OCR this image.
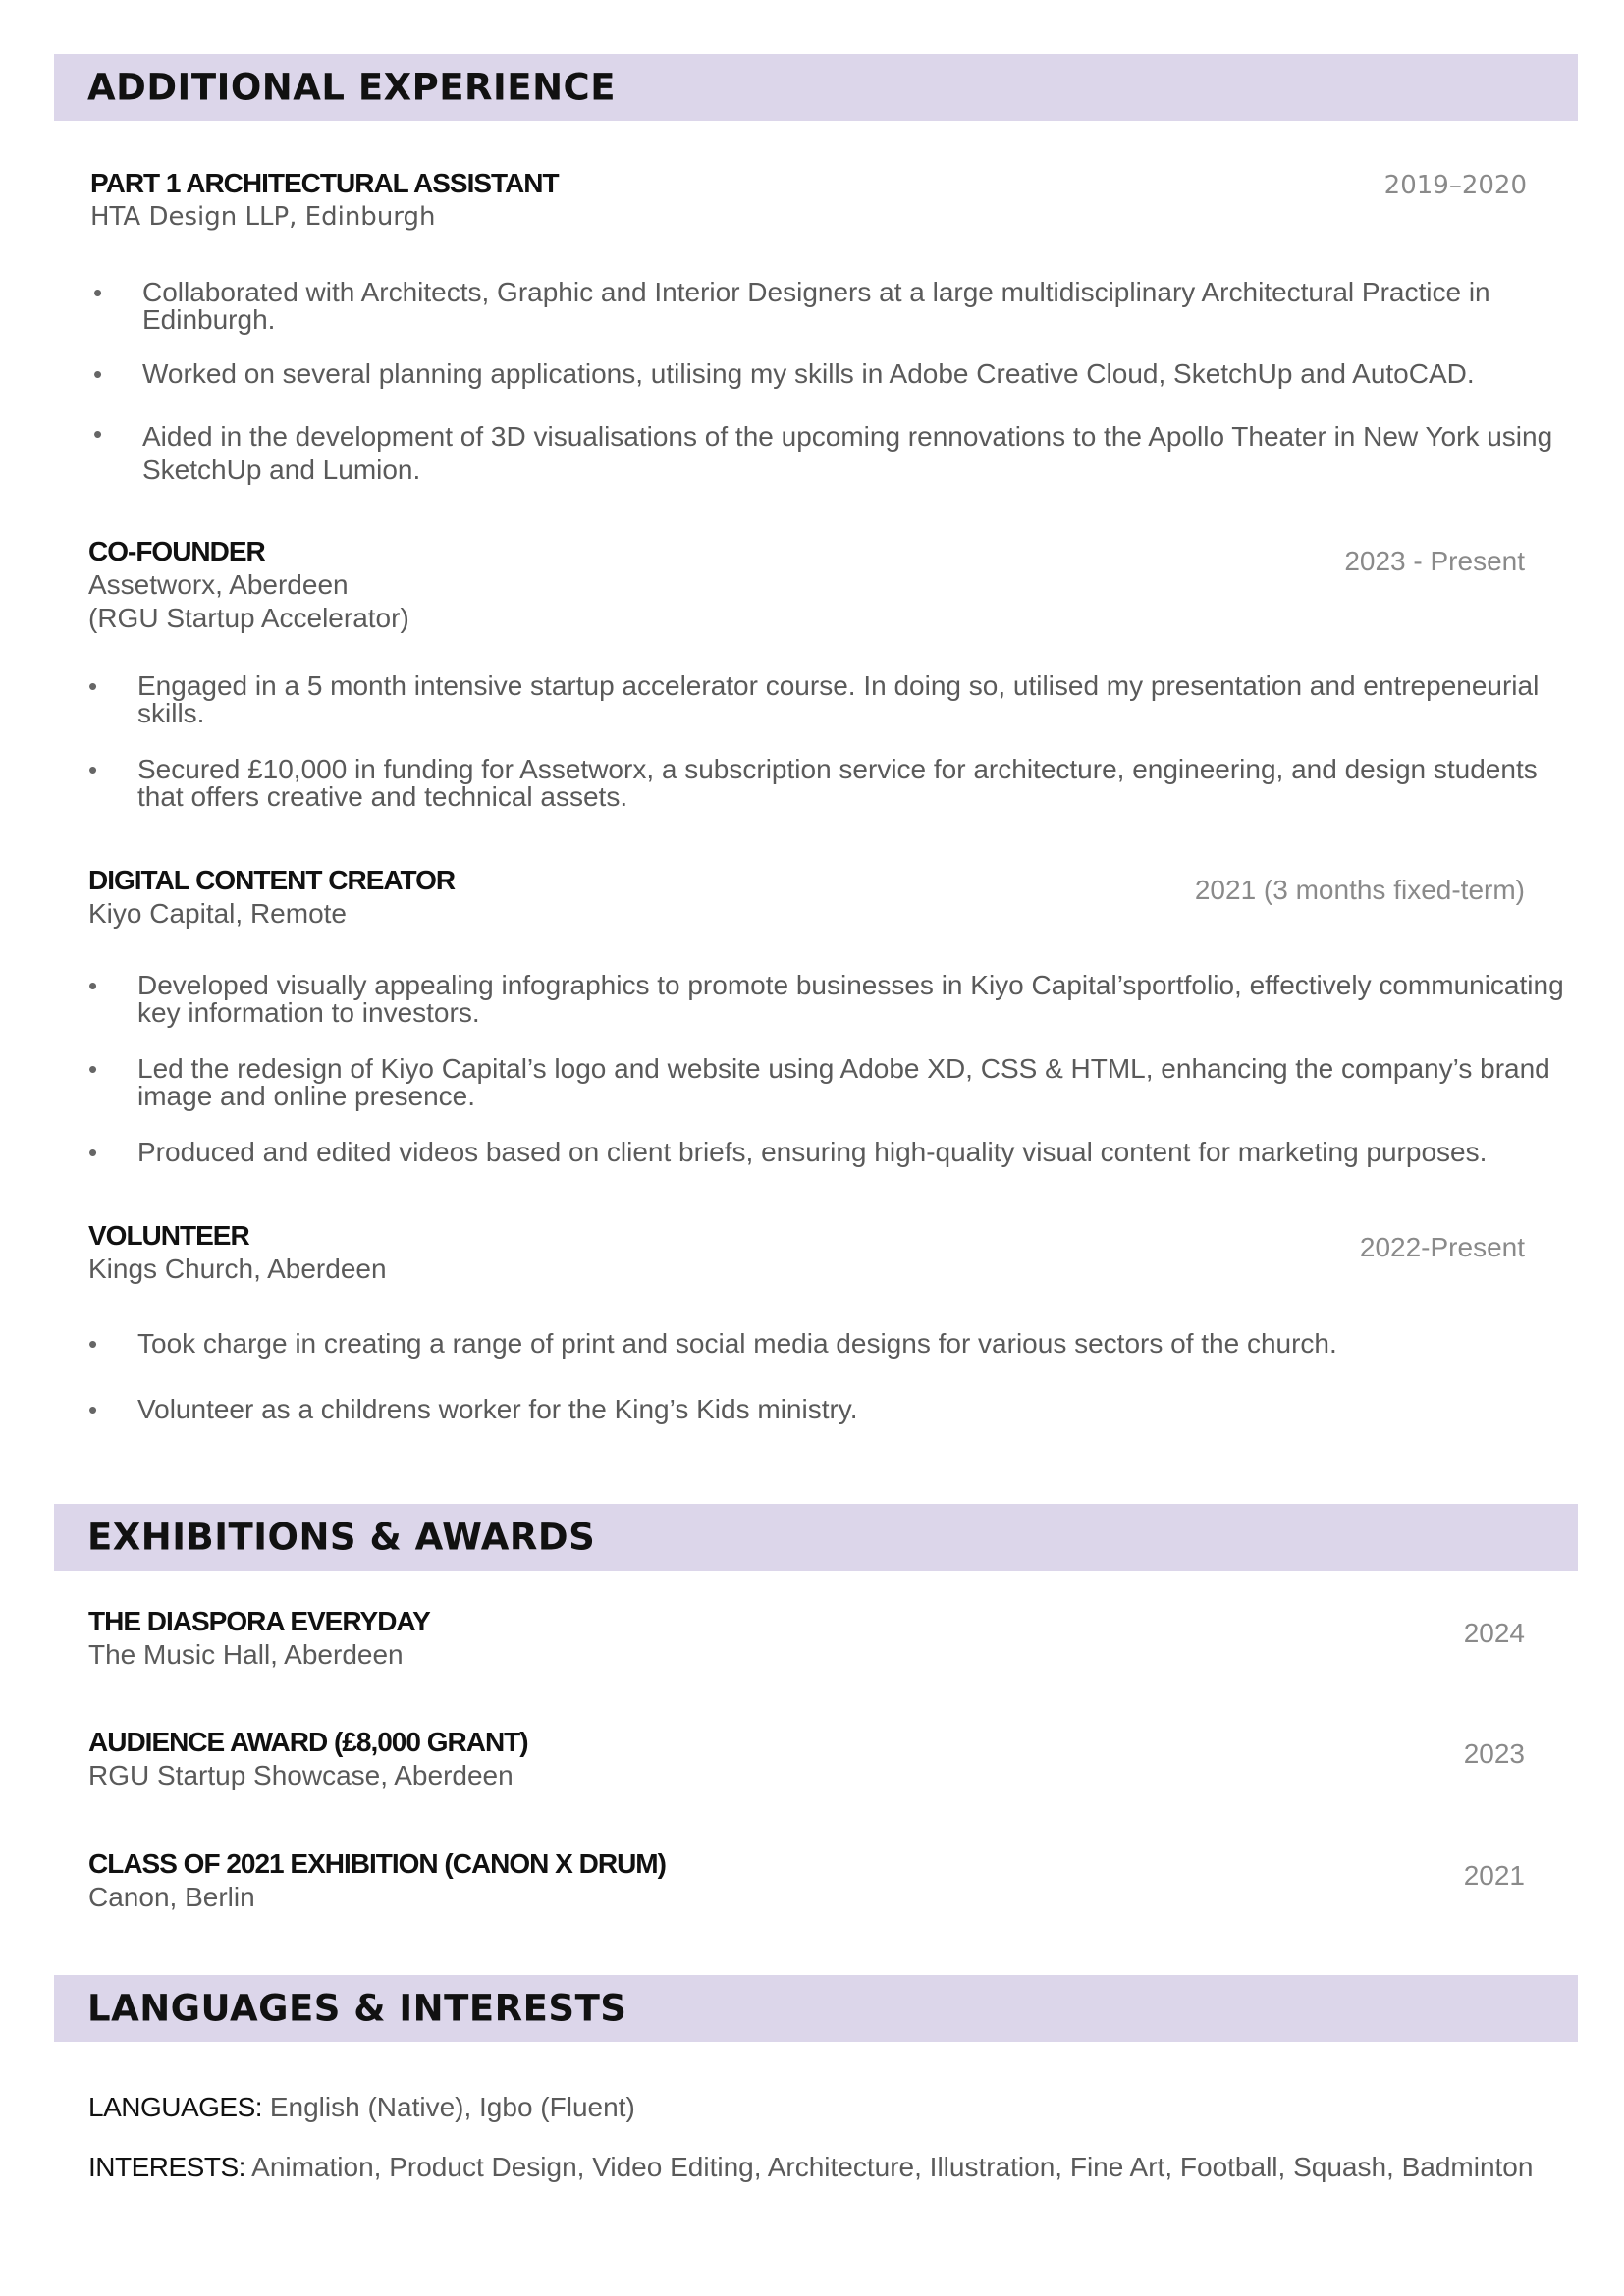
ADDITIONAL EXPERIENCE

PART 1 ARCHITECTURAL ASSISTANT

HTA Design LLP, Edinburgh

2019–2020
• Collaborated with Architects, Graphic and Interior Designers at a large multidisciplinary Architectural Practice in Edinburgh.
• Worked on several planning applications, utilising my skills in Adobe Creative Cloud, SketchUp and AutoCAD.
• Aided in the development of 3D visualisations of the upcoming rennovations to the Apollo Theater in New York using SketchUp and Lumion.

CO-FOUNDER

Assetworx, Aberdeen

(RGU Startup Accelerator)

2023 - Present
• Engaged in a 5 month intensive startup accelerator course. In doing so, utilised my presentation and entrepeneurial skills.
• Secured £10,000 in funding for Assetworx, a subscription service for architecture, engineering, and design students that offers creative and technical assets.

DIGITAL CONTENT CREATOR

Kiyo Capital, Remote

2021 (3 months fixed-term)
• Developed visually appealing infographics to promote businesses in Kiyo Capital’sportfolio, effectively communicating key information to investors.
• Led the redesign of Kiyo Capital’s logo and website using Adobe XD, CSS & HTML, enhancing the company’s brand image and online presence.
• Produced and edited videos based on client briefs, ensuring high-quality visual content for marketing purposes.

VOLUNTEER

Kings Church, Aberdeen

2022-Present
• Took charge in creating a range of print and social media designs for various sectors of the church.
• Volunteer as a childrens worker for the King’s Kids ministry.
EXHIBITIONS & AWARDS

THE DIASPORA EVERYDAY

The Music Hall, Aberdeen

2024

AUDIENCE AWARD (£8,000 GRANT)

RGU Startup Showcase, Aberdeen

2023

CLASS OF 2021 EXHIBITION (CANON X DRUM)

Canon, Berlin

2021
LANGUAGES & INTERESTS
LANGUAGES: English (Native), Igbo (Fluent)
INTERESTS: Animation, Product Design, Video Editing, Architecture, Illustration, Fine Art, Football, Squash, Badminton
